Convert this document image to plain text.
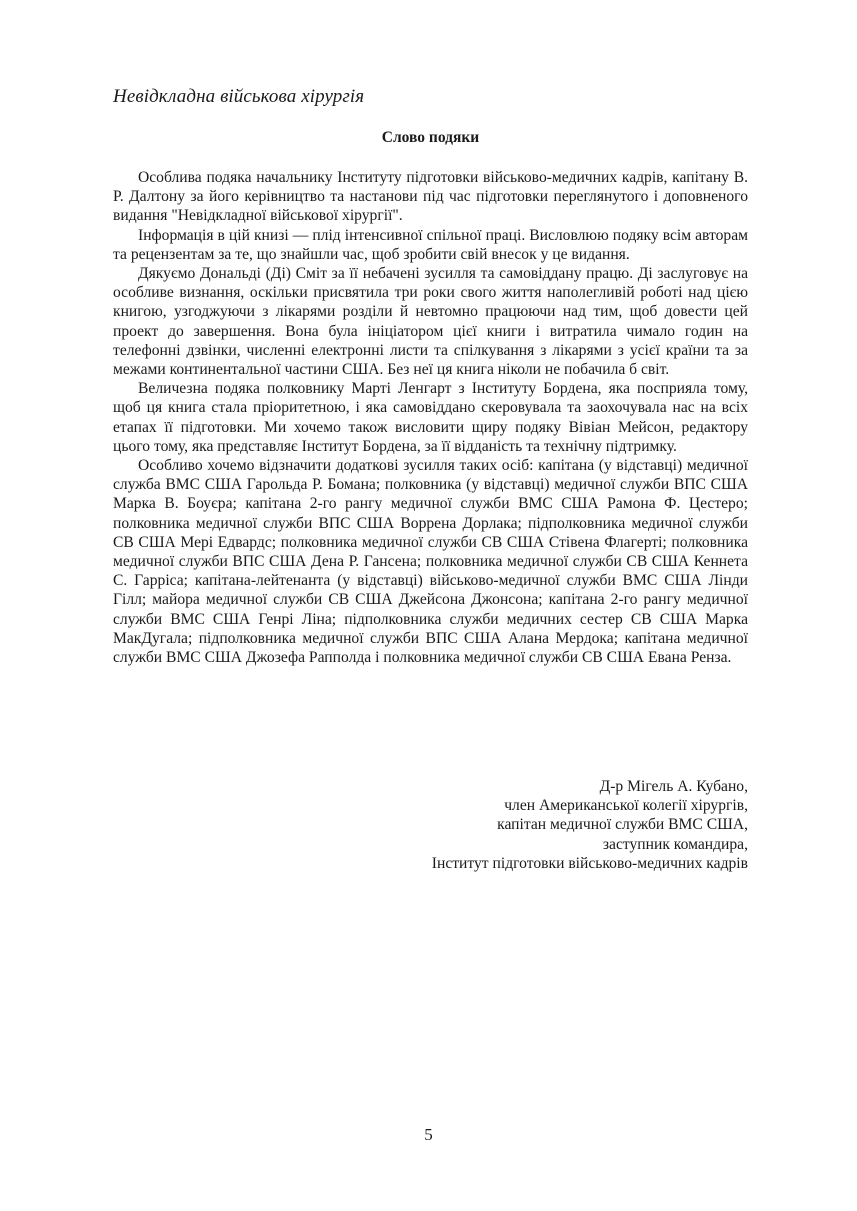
Невідкладна військова хірургія
Слово подяки

Особлива подяка начальнику Інституту підготовки військово-медичних кадрів, капітану В. Р. Далтону за його керівництво та настанови під час підготовки переглянутого і доповненого видання "Невідкладної військової хірургії".

Інформація в цій книзі — плід інтенсивної спільної праці. Висловлюю подяку всім авторам та рецензентам за те, що знайшли час, щоб зробити свій внесок у це видання.

Дякуємо Дональді (Ді) Сміт за її небачені зусилля та самовіддану працю. Ді заслуговує на особливе визнання, оскільки присвятила три роки свого життя наполегливій роботі над цією книгою, узгоджуючи з лікарями розділи й невтомно працюючи над тим, щоб довести цей проект до завершення. Вона була ініціатором цієї книги і витратила чимало годин на телефонні дзвінки, численні електронні листи та спілкування з лікарями з усієї країни та за межами континентальної частини США. Без неї ця книга ніколи не побачила б світ.

Величезна подяка полковнику Марті Ленгарт з Інституту Бордена, яка посприяла тому, щоб ця книга стала пріоритетною, і яка самовіддано скеровувала та заохочувала нас на всіх етапах її підготовки. Ми хочемо також висловити щиру подяку Вівіан Мейсон, редактору цього тому, яка представляє Інститут Бордена, за її відданість та технічну підтримку.

Особливо хочемо відзначити додаткові зусилля таких осіб: капітана (у відставці) медичної служба ВМС США Гарольда Р. Бомана; полковника (у відставці) медичної служби ВПС США Марка В. Боуєра; капітана 2-го рангу медичної служби ВМС США Рамона Ф. Цестеро; полковника медичної служби ВПС США Воррена Дорлака; підполковника медичної служби СВ США Мері Едвардс; полковника медичної служби СВ США Стівена Флагерті; полковника медичної служби ВПС США Дена Р. Гансена; полковника медичної служби СВ США Кеннета С. Гарріса; капітана-лейтенанта (у відставці) військово-медичної служби ВМС США Лінди Гілл; майора медичної служби СВ США Джейсона Джонсона; капітана 2-го рангу медичної служби ВМС США Генрі Ліна; підполковника служби медичних сестер СВ США Марка МакДугала; підполковника медичної служби ВПС США Алана Мердока; капітана медичної служби ВМС США Джозефа Рапполда і полковника медичної служби СВ США Евана Ренза.

Д-р Мігель А. Кубано,
член Американської колегії хірургів,
капітан медичної служби ВМС США,
заступник командира,
Інститут підготовки військово-медичних кадрів
5
